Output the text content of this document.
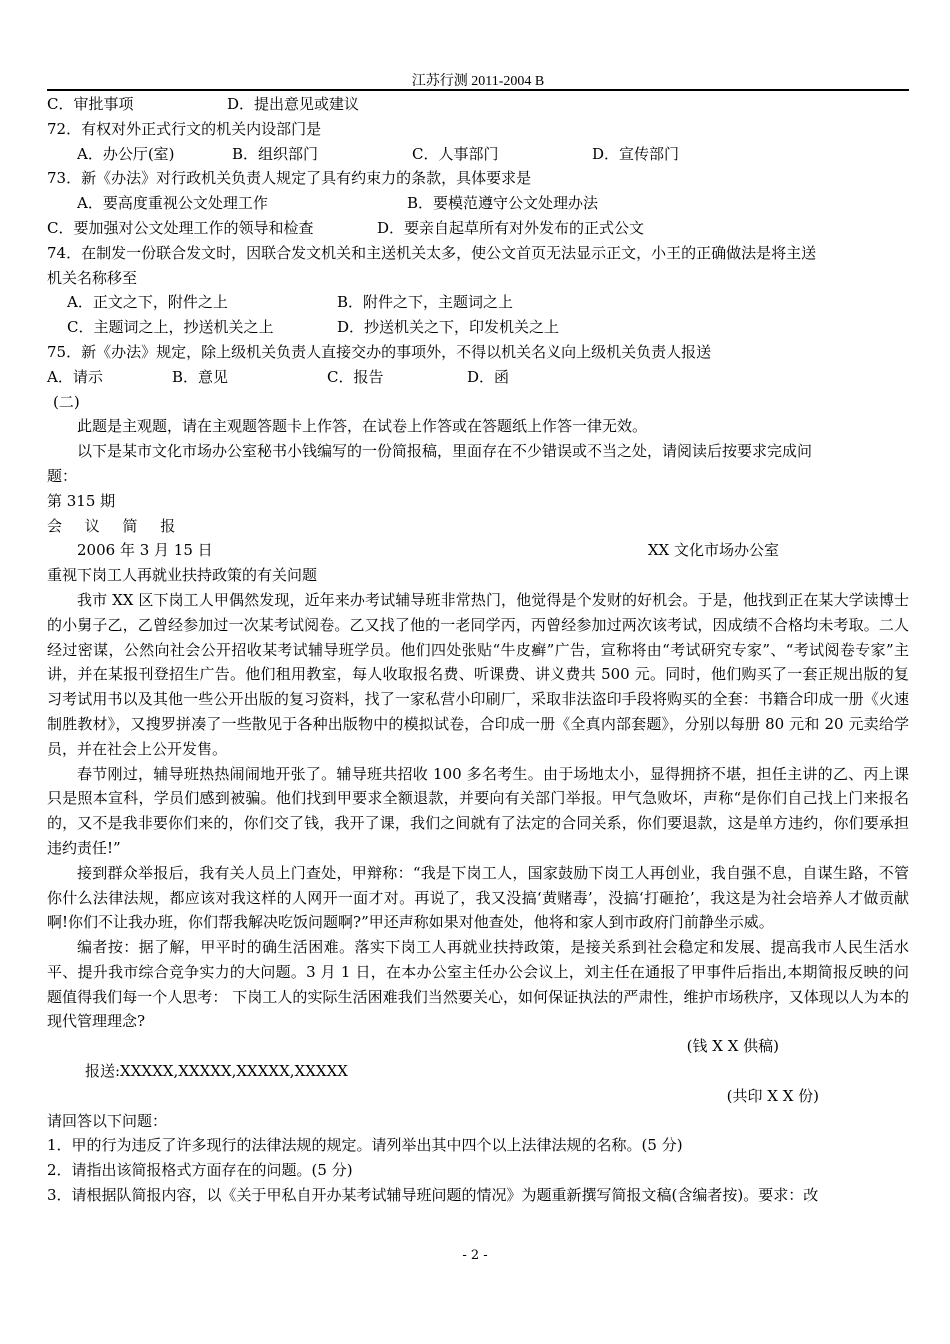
江苏行测 2011-2004 B
C．审批事项	D．提出意见或建议
72．有权对外正式行文的机关内设部门是
A．办公厅(室)	B．组织部门	C．人事部门	D．宣传部门
73．新《办法》对行政机关负责人规定了具有约束力的条款，具体要求是
A．要高度重视公文处理工作	B．要模范遵守公文处理办法
C．要加强对公文处理工作的领导和检查	D．要亲自起草所有对外发布的正式公文
74．在制发一份联合发文时，因联合发文机关和主送机关太多，使公文首页无法显示正文，小王的正确做法是将主送
机关名称移至
A．正文之下，附件之上	B．附件之下，主题词之上
C．主题词之上，抄送机关之上	D．抄送机关之下，印发机关之上
75．新《办法》规定，除上级机关负责人直接交办的事项外，不得以机关名义向上级机关负责人报送
A．请示	B．意见	C．报告	D．函
(二)
此题是主观题，请在主观题答题卡上作答，在试卷上作答或在答题纸上作答一律无效。
以下是某市文化市场办公室秘书小钱编写的一份简报稿，里面存在不少错误或不当之处，请阅读后按要求完成问
题：
第 315 期
会 议 简 报
2006 年 3 月 15 日	XX 文化市场办公室
重视下岗工人再就业扶持政策的有关问题
我市 XX 区下岗工人甲偶然发现，近年来办考试辅导班非常热门，他觉得是个发财的好机会。于是，他找到正在某大学读博士的小舅子乙，乙曾经参加过一次某考试阅卷。乙又找了他的一老同学丙，丙曾经参加过两次该考试，因成绩不合格均未考取。二人经过密谋，公然向社会公开招收某考试辅导班学员。他们四处张贴“牛皮癣”广告，宣称将由“考试研究专家”、“考试阅卷专家”主讲，并在某报刊登招生广告。他们租用教室，每人收取报名费、听课费、讲义费共 500 元。同时，他们购买了一套正规出版的复习考试用书以及其他一些公开出版的复习资料，找了一家私营小印刷厂，采取非法盗印手段将购买的全套：书籍合印成一册《火速制胜教材》，又搜罗拼凑了一些散见于各种出版物中的模拟试卷，合印成一册《全真内部套题》，分别以每册 80 元和 20 元卖给学员，并在社会上公开发售。
春节刚过，辅导班热热闹闹地开张了。辅导班共招收 100 多名考生。由于场地太小，显得拥挤不堪，担任主讲的乙、丙上课只是照本宣科，学员们感到被骗。他们找到甲要求全额退款，并要向有关部门举报。甲气急败坏，声称“是你们自己找上门来报名的，又不是我非要你们来的，你们交了钱，我开了课，我们之间就有了法定的合同关系，你们要退款，这是单方违约，你们要承担违约责任!”
接到群众举报后，我有关人员上门查处，甲辩称：“我是下岗工人，国家鼓励下岗工人再创业，我自强不息，自谋生路，不管你什么法律法规，都应该对我这样的人网开一面才对。再说了，我又没搞‘黄赌毒’，没搞‘打砸抢’，我这是为社会培养人才做贡献啊!你们不让我办班，你们帮我解决吃饭问题啊?”甲还声称如果对他查处，他将和家人到市政府门前静坐示威。
编者按：据了解，甲平时的确生活困难。落实下岗工人再就业扶持政策，是接关系到社会稳定和发展、提高我市人民生活水平、提升我市综合竞争实力的大问题。3 月 1 日，在本办公室主任办公会议上，刘主任在通报了甲事件后指出,本期简报反映的问题值得我们每一个人思考： 下岗工人的实际生活困难我们当然要关心，如何保证执法的严肃性，维护市场秩序，又体现以人为本的现代管理理念?
(钱 X X 供稿)
报送:XXXXX,XXXXX,XXXXX,XXXXX
(共印 X X 份)
请回答以下问题：
1．甲的行为违反了许多现行的法律法规的规定。请列举出其中四个以上法律法规的名称。(5 分)
2．请指出该简报格式方面存在的问题。(5 分)
3．请根据队简报内容，以《关于甲私自开办某考试辅导班问题的情况》为题重新撰写简报文稿(含编者按)。要求：改
- 2 -
